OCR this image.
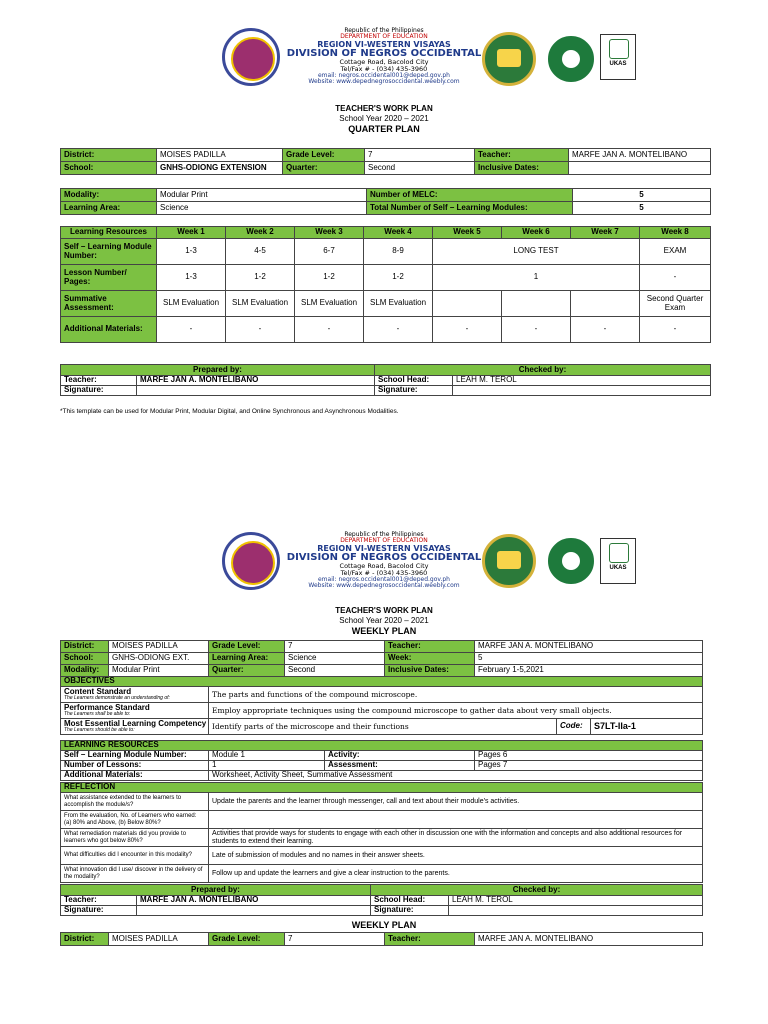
Republic of the Philippines
DEPARTMENT OF EDUCATION
REGION VI-WESTERN VISAYAS
DIVISION OF NEGROS OCCIDENTAL
Cottage Road, Bacolod City
Tel/Fax # - (034) 435-3960
email: negros.occidental001@deped.gov.ph
Website: www.depednegrosoccidental.weebly.com
UKAS
TEACHER'S WORK PLAN
School Year 2020 – 2021
QUARTER PLAN
District:	MOISES PADILLA	Grade Level:	7	Teacher:	MARFE JAN A. MONTELIBANO
School:	GNHS-ODIONG EXTENSION	Quarter:	Second	Inclusive Dates:	
Modality:	Modular Print	Number of MELC:	5
Learning Area:	Science	Total Number of Self – Learning Modules:	5
Learning Resources	Week 1	Week 2	Week 3	Week 4	Week 5	Week 6	Week 7	Week 8
Self – Learning Module Number:	1-3	4-5	6-7	8-9	LONG TEST			EXAM
Lesson Number/ Pages:	1-3	1-2	1-2	1-2	1			-
Summative Assessment:	SLM Evaluation	SLM Evaluation	SLM Evaluation	SLM Evaluation				Second Quarter Exam
Additional Materials:	-	-	-	-	-	-	-	-
Prepared by:		Checked by:	
Teacher:	MARFE JAN A. MONTELIBANO	School Head:	LEAH M. TEROL
Signature:		Signature:	
*This template can be used for Modular Print, Modular Digital, and Online Synchronous and Asynchronous Modalities.
Republic of the Philippines
DEPARTMENT OF EDUCATION
REGION VI-WESTERN VISAYAS
DIVISION OF NEGROS OCCIDENTAL
Cottage Road, Bacolod City
Tel/Fax # - (034) 435-3960
email: negros.occidental001@deped.gov.ph
Website: www.depednegrosoccidental.weebly.com
UKAS
TEACHER'S WORK PLAN
School Year 2020 – 2021
WEEKLY PLAN
District:	MOISES PADILLA	Grade Level:	7	Teacher:	MARFE JAN A. MONTELIBANO
School:	GNHS-ODIONG EXT.	Learning Area:	Science	Week:	5
Modality:	Modular Print	Quarter:	Second	Inclusive Dates:	February 1-5,2021
OBJECTIVES			
Content Standard
The Learners demonstrate an understanding of:	The parts and functions of the compound microscope.		
Performance Standard
The Learners shall be able to:	Employ appropriate techniques using the compound microscope to gather data about very small objects.		
Most Essential Learning Competency
The Learners should be able to:	Identify parts of the microscope and their functions	Code:	S7LT-IIa-1
LEARNING RESOURCES			
Self – Learning Module Number:	Module 1	Activity:	Pages 6
Number of Lessons:	1	Assessment:	Pages 7
Additional Materials:	Worksheet, Activity Sheet, Summative Assessment		
REFLECTION	
What assistance extended to the learners to accomplish the module/s?	Update the parents and the learner through messenger, call and text about their module's activities.
From the evaluation, No. of Learners who earned: (a) 80% and Above, (b) Below 80%?	
What remediation materials did you provide to learners who got below 80%?	Activities that provide ways for students to engage with each other in discussion one with the information and concepts and also additional resources for students to extend their learning.
What difficulties did I encounter in this modality?	Late of submission of modules and no names in their answer sheets.
What innovation did I use/ discover in the delivery of the modality?	Follow up and update the learners and give a clear instruction to the parents.
Prepared by:		Checked by:	
Teacher:	MARFE JAN A. MONTELIBANO	School Head:	LEAH M. TEROL
Signature:		Signature:	
WEEKLY PLAN
District:	MOISES PADILLA	Grade Level:	7	Teacher:	MARFE JAN A. MONTELIBANO
